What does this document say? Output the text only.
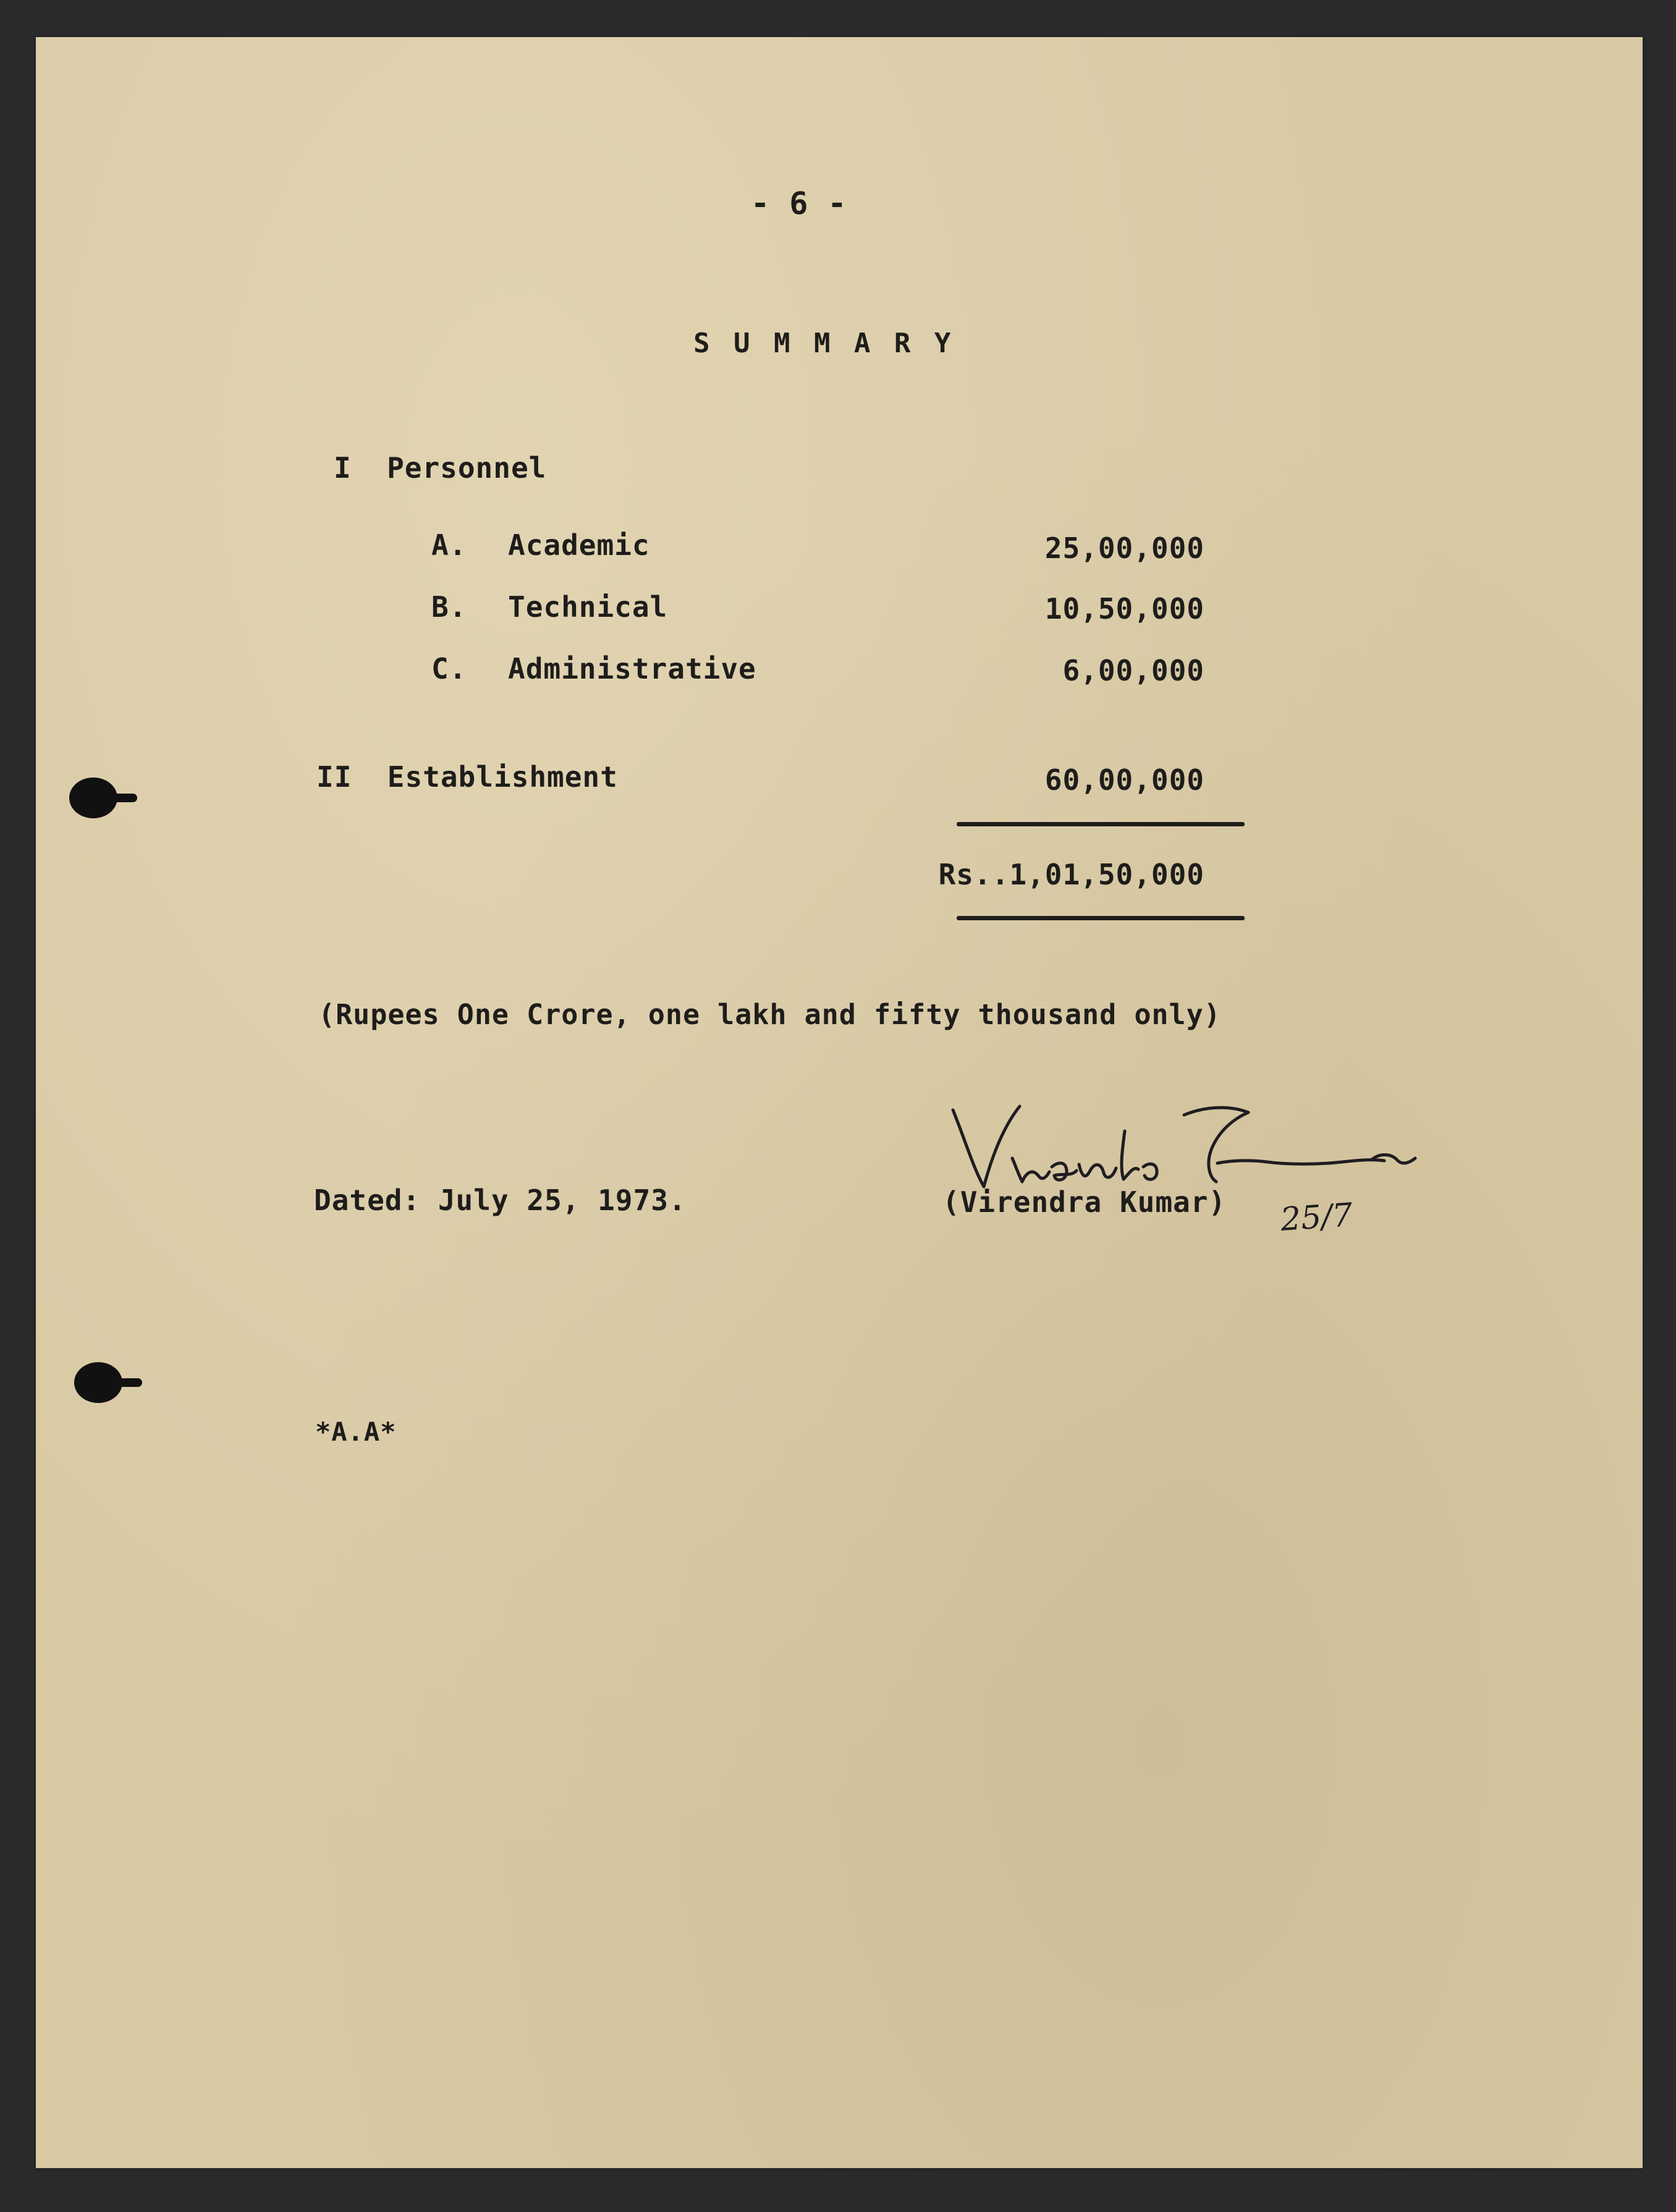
- 6 -
S U M M A R Y
I  Personnel
A. Academic	25,00,000
B. Technical	10,50,000
C. Administrative	6,00,000
II  Establishment	60,00,000
Rs..1,01,50,000
(Rupees One Crore, one lakh and fifty thousand only)
Dated: July 25, 1973.	(Virendra Kumar) 25/7
*A.A*
